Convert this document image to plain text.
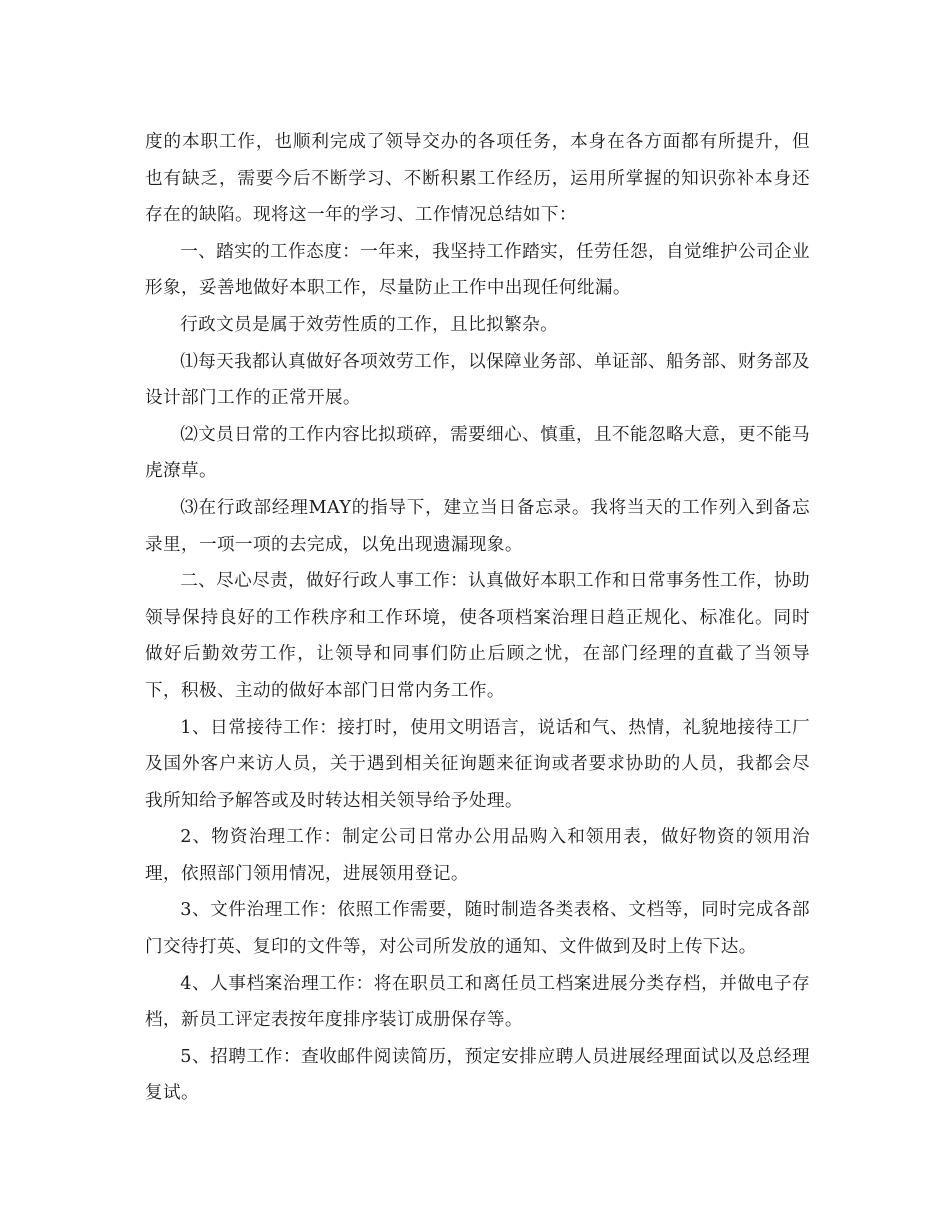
度的本职工作，也顺利完成了领导交办的各项任务，本身在各方面都有所提升，但也有缺乏，需要今后不断学习、不断积累工作经历，运用所掌握的知识弥补本身还存在的缺陷。现将这一年的学习、工作情况总结如下：

一、踏实的工作态度：一年来，我坚持工作踏实，任劳任怨，自觉维护公司企业形象，妥善地做好本职工作，尽量防止工作中出现任何纰漏。

行政文员是属于效劳性质的工作，且比拟繁杂。

⑴每天我都认真做好各项效劳工作，以保障业务部、单证部、船务部、财务部及设计部门工作的正常开展。

⑵文员日常的工作内容比拟琐碎，需要细心、慎重，且不能忽略大意，更不能马虎潦草。

⑶在行政部经理MAY的指导下，建立当日备忘录。我将当天的工作列入到备忘录里，一项一项的去完成，以免出现遗漏现象。

二、尽心尽责，做好行政人事工作：认真做好本职工作和日常事务性工作，协助领导保持良好的工作秩序和工作环境，使各项档案治理日趋正规化、标准化。同时做好后勤效劳工作，让领导和同事们防止后顾之忧，在部门经理的直截了当领导下，积极、主动的做好本部门日常内务工作。

1、日常接待工作：接打时，使用文明语言，说话和气、热情，礼貌地接待工厂及国外客户来访人员，关于遇到相关征询题来征询或者要求协助的人员，我都会尽我所知给予解答或及时转达相关领导给予处理。

2、物资治理工作：制定公司日常办公用品购入和领用表，做好物资的领用治理，依照部门领用情况，进展领用登记。

3、文件治理工作：依照工作需要，随时制造各类表格、文档等，同时完成各部门交待打英、复印的文件等，对公司所发放的通知、文件做到及时上传下达。

4、人事档案治理工作：将在职员工和离任员工档案进展分类存档，并做电子存档，新员工评定表按年度排序装订成册保存等。

5、招聘工作：查收邮件阅读简历，预定安排应聘人员进展经理面试以及总经理复试。
